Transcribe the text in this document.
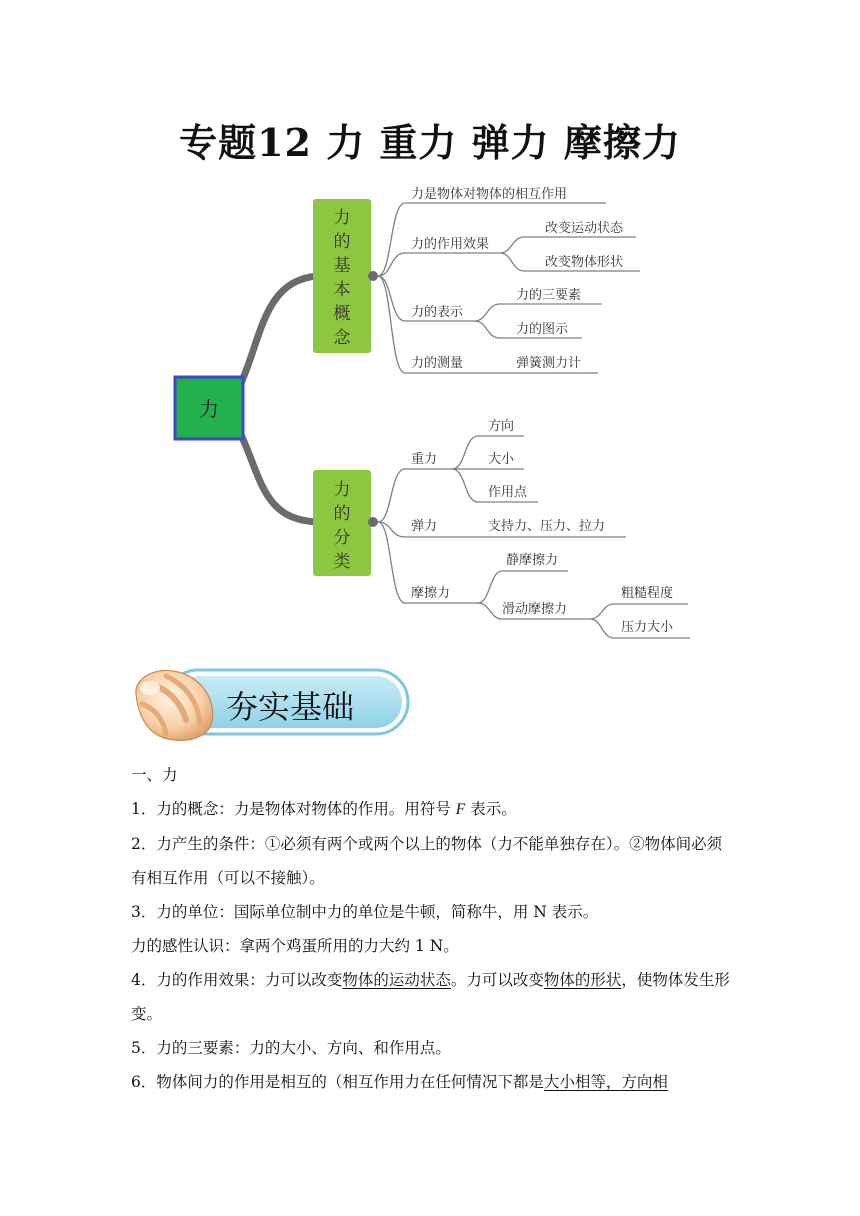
专题12 力 重力 弹力 摩擦力
力
力
的
基
本
概
念
力是物体对物体的相互作用
力的作用效果
改变运动状态
改变物体形状
力的表示
力的三要素
力的图示
力的测量	弹簧测力计
力
的
分
类
重力
方向
大小
作用点
弹力	支持力、压力、拉力
摩擦力
静摩擦力
滑动摩擦力
粗糙程度
压力大小
夯实基础

一、力

1．力的概念：力是物体对物体的作用。用符号 F 表示。

2．力产生的条件：①必须有两个或两个以上的物体（力不能单独存在）。②物体间必须有相互作用（可以不接触）。

3．力的单位：国际单位制中力的单位是牛顿，简称牛，用 N 表示。

力的感性认识：拿两个鸡蛋所用的力大约 1 N。

4．力的作用效果：力可以改变物体的运动状态。力可以改变物体的形状，使物体发生形变。

5．力的三要素：力的大小、方向、和作用点。

6．物体间力的作用是相互的（相互作用力在任何情况下都是大小相等，方向相
